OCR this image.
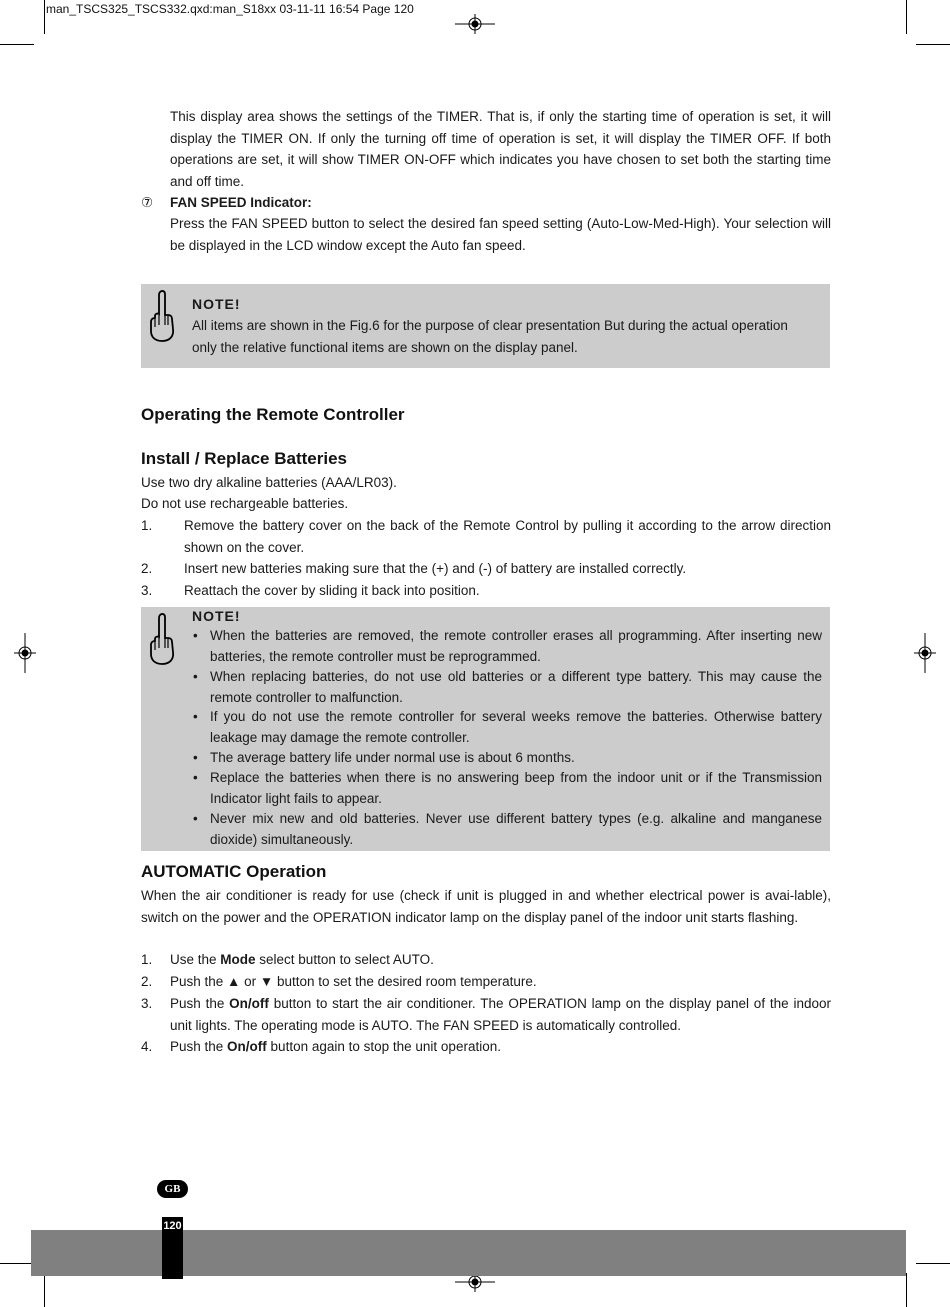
man_TSCS325_TSCS332.qxd:man_S18xx 03-11-11 16:54 Page 120

This display area shows the settings of the TIMER. That is, if only the starting time of operation is set, it will display the TIMER ON. If only the turning off time of operation is set, it will display the TIMER OFF. If both operations are set, it will show TIMER ON-OFF which indicates you have chosen to set both the starting time and off time.

⑦ FAN SPEED Indicator:

Press the FAN SPEED button to select the desired fan speed setting (Auto-Low-Med-High). Your selection will be displayed in the LCD window except the Auto fan speed.

NOTE!

All items are shown in the Fig.6 for the purpose of clear presentation But during the actual operation only the relative functional items are shown on the display panel.

Operating the Remote Controller
Install / Replace Batteries

Use two dry alkaline batteries (AAA/LR03).

Do not use rechargeable batteries.

1. Remove the battery cover on the back of the Remote Control by pulling it according to the arrow direction shown on the cover.

2. Insert new batteries making sure that the (+) and (-) of battery are installed correctly.

3. Reattach the cover by sliding it back into position.

NOTE!
• When the batteries are removed, the remote controller erases all programming. After inserting new batteries, the remote controller must be reprogrammed.
• When replacing batteries, do not use old batteries or a different type battery. This may cause the remote controller to malfunction.
• If you do not use the remote controller for several weeks remove the batteries. Otherwise battery leakage may damage the remote controller.
• The average battery life under normal use is about 6 months.
• Replace the batteries when there is no answering beep from the indoor unit or if the Transmission Indicator light fails to appear.
• Never mix new and old batteries. Never use different battery types (e.g. alkaline and manganese dioxide) simultaneously.
AUTOMATIC Operation

When the air conditioner is ready for use (check if unit is plugged in and whether electrical power is avai-lable), switch on the power and the OPERATION indicator lamp on the display panel of the indoor unit starts flashing.

1. Use the Mode select button to select AUTO.

2. Push the ▲ or ▼ button to set the desired room temperature.

3. Push the On/off button to start the air conditioner. The OPERATION lamp on the display panel of the indoor unit lights. The operating mode is AUTO. The FAN SPEED is automatically controlled.

4. Push the On/off button again to stop the unit operation.

GB
120
